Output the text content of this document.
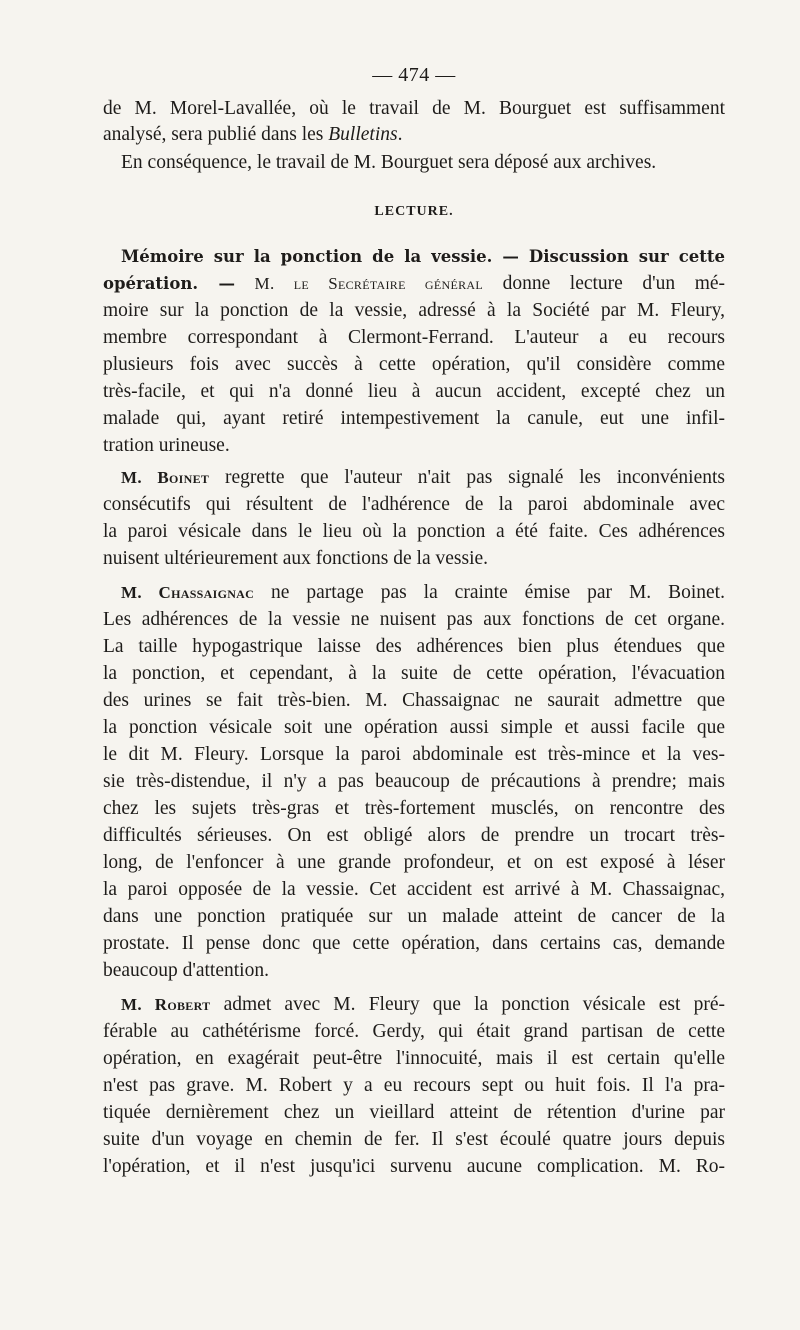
— 474 —
de M. Morel-Lavallée, où le travail de M. Bourguet est suffisamment
analysé, sera publié dans les Bulletins.
En conséquence, le travail de M. Bourguet sera déposé aux archives.
LECTURE.
Mémoire sur la ponction de la vessie. — Discussion sur cette
opération. — M. le Secrétaire général donne lecture d'un mé-
moire sur la ponction de la vessie, adressé à la Société par M. Fleury,
membre correspondant à Clermont-Ferrand. L'auteur a eu recours
plusieurs fois avec succès à cette opération, qu'il considère comme
très-facile, et qui n'a donné lieu à aucun accident, excepté chez un
malade qui, ayant retiré intempestivement la canule, eut une infil-
tration urineuse.
M. Boinet regrette que l'auteur n'ait pas signalé les inconvénients
consécutifs qui résultent de l'adhérence de la paroi abdominale avec
la paroi vésicale dans le lieu où la ponction a été faite. Ces adhérences
nuisent ultérieurement aux fonctions de la vessie.
M. Chassaignac ne partage pas la crainte émise par M. Boinet.
Les adhérences de la vessie ne nuisent pas aux fonctions de cet organe.
La taille hypogastrique laisse des adhérences bien plus étendues que
la ponction, et cependant, à la suite de cette opération, l'évacuation
des urines se fait très-bien. M. Chassaignac ne saurait admettre que
la ponction vésicale soit une opération aussi simple et aussi facile que
le dit M. Fleury. Lorsque la paroi abdominale est très-mince et la ves-
sie très-distendue, il n'y a pas beaucoup de précautions à prendre; mais
chez les sujets très-gras et très-fortement musclés, on rencontre des
difficultés sérieuses. On est obligé alors de prendre un trocart très-
long, de l'enfoncer à une grande profondeur, et on est exposé à léser
la paroi opposée de la vessie. Cet accident est arrivé à M. Chassaignac,
dans une ponction pratiquée sur un malade atteint de cancer de la
prostate. Il pense donc que cette opération, dans certains cas, demande
beaucoup d'attention.
M. Robert admet avec M. Fleury que la ponction vésicale est pré-
férable au cathétérisme forcé. Gerdy, qui était grand partisan de cette
opération, en exagérait peut-être l'innocuité, mais il est certain qu'elle
n'est pas grave. M. Robert y a eu recours sept ou huit fois. Il l'a pra-
tiquée dernièrement chez un vieillard atteint de rétention d'urine par
suite d'un voyage en chemin de fer. Il s'est écoulé quatre jours depuis
l'opération, et il n'est jusqu'ici survenu aucune complication. M. Ro-
